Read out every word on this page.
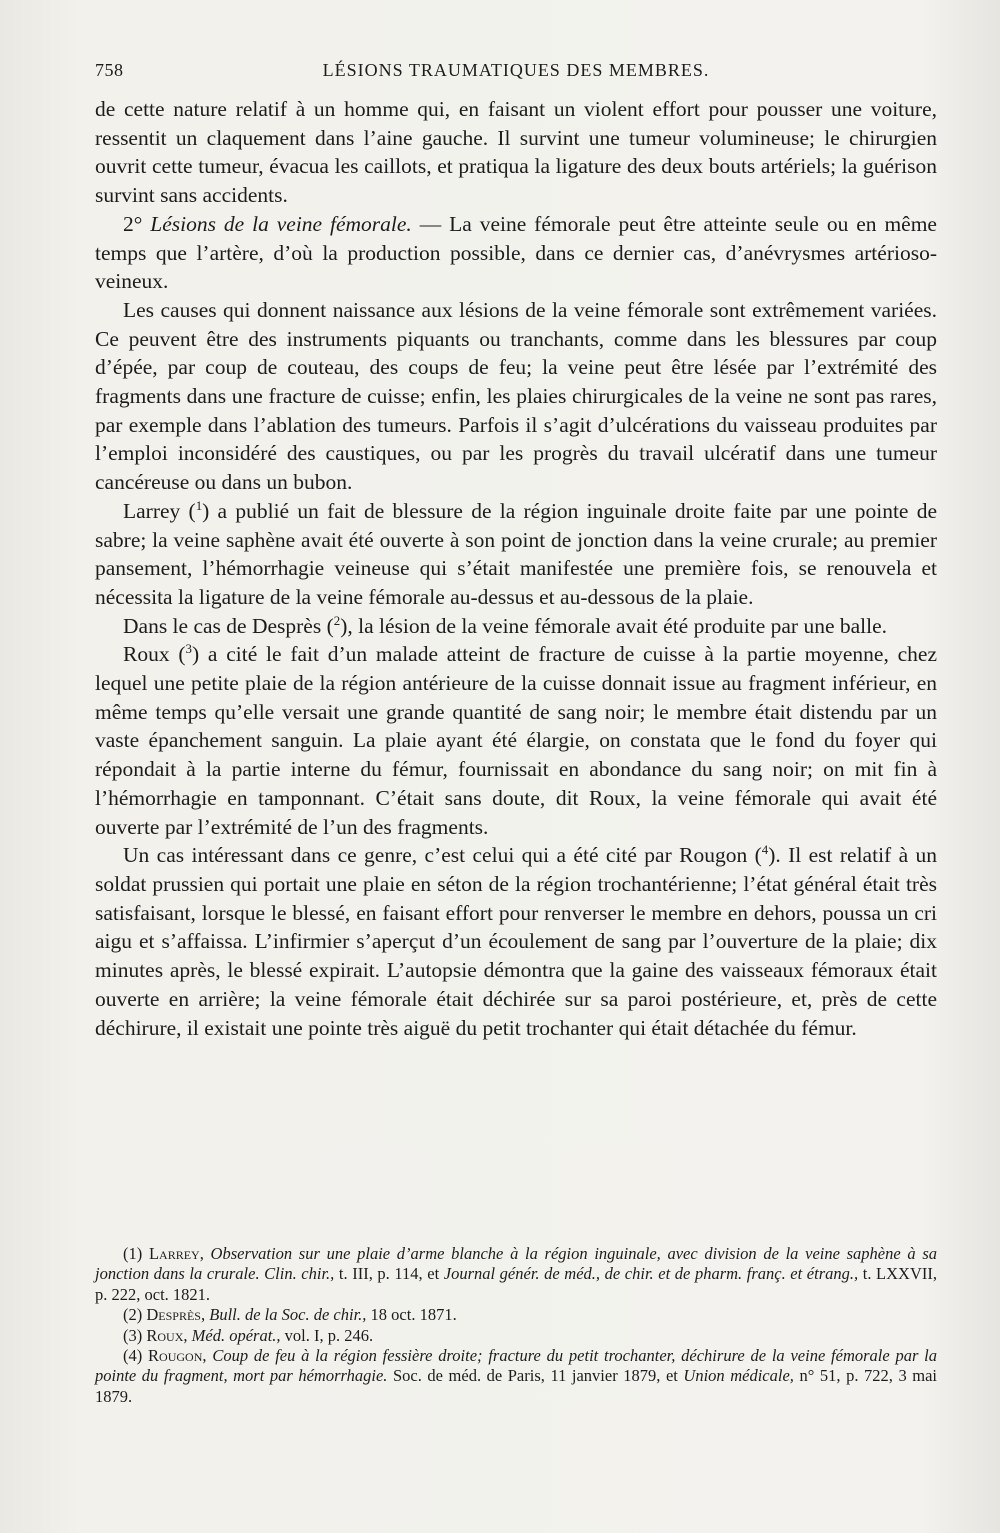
758	LÉSIONS TRAUMATIQUES DES MEMBRES.

de cette nature relatif à un homme qui, en faisant un violent effort pour pousser une voiture, ressentit un claquement dans l’aine gauche. Il survint une tumeur volumineuse; le chirurgien ouvrit cette tumeur, évacua les caillots, et pratiqua la ligature des deux bouts artériels; la guérison survint sans accidents.

2° Lésions de la veine fémorale. — La veine fémorale peut être atteinte seule ou en même temps que l’artère, d’où la production possible, dans ce dernier cas, d’anévrysmes artérioso-veineux.

Les causes qui donnent naissance aux lésions de la veine fémorale sont extrêmement variées. Ce peuvent être des instruments piquants ou tranchants, comme dans les blessures par coup d’épée, par coup de couteau, des coups de feu; la veine peut être lésée par l’extrémité des fragments dans une fracture de cuisse; enfin, les plaies chirurgicales de la veine ne sont pas rares, par exemple dans l’ablation des tumeurs. Parfois il s’agit d’ulcérations du vaisseau produites par l’emploi inconsidéré des caustiques, ou par les progrès du travail ulcératif dans une tumeur cancéreuse ou dans un bubon.

Larrey ($^1$) a publié un fait de blessure de la région inguinale droite faite par une pointe de sabre; la veine saphène avait été ouverte à son point de jonction dans la veine crurale; au premier pansement, l’hémorrhagie veineuse qui s’était manifestée une première fois, se renouvela et nécessita la ligature de la veine fémorale au-dessus et au-dessous de la plaie.

Dans le cas de Desprès ($^2$), la lésion de la veine fémorale avait été produite par une balle.

Roux ($^3$) a cité le fait d’un malade atteint de fracture de cuisse à la partie moyenne, chez lequel une petite plaie de la région antérieure de la cuisse donnait issue au fragment inférieur, en même temps qu’elle versait une grande quantité de sang noir; le membre était distendu par un vaste épanchement sanguin. La plaie ayant été élargie, on constata que le fond du foyer qui répondait à la partie interne du fémur, fournissait en abondance du sang noir; on mit fin à l’hémorrhagie en tamponnant. C’était sans doute, dit Roux, la veine fémorale qui avait été ouverte par l’extrémité de l’un des fragments.

Un cas intéressant dans ce genre, c’est celui qui a été cité par Rougon ($^4$). Il est relatif à un soldat prussien qui portait une plaie en séton de la région trochantérienne; l’état général était très satisfaisant, lorsque le blessé, en faisant effort pour renverser le membre en dehors, poussa un cri aigu et s’affaissa. L’infirmier s’aperçut d’un écoulement de sang par l’ouverture de la plaie; dix minutes après, le blessé expirait. L’autopsie démontra que la gaine des vaisseaux fémoraux était ouverte en arrière; la veine fémorale était déchirée sur sa paroi postérieure, et, près de cette déchirure, il existait une pointe très aiguë du petit trochanter qui était détachée du fémur.

(1) Larrey, Observation sur une plaie d’arme blanche à la région inguinale, avec division de la veine saphène à sa jonction dans la crurale. Clin. chir., t. III, p. 114, et Journal génér. de méd., de chir. et de pharm. franç. et étrang., t. LXXVII, p. 222, oct. 1821.

(2) Desprès, Bull. de la Soc. de chir., 18 oct. 1871.

(3) Roux, Méd. opérat., vol. I, p. 246.

(4) Rougon, Coup de feu à la région fessière droite; fracture du petit trochanter, déchirure de la veine fémorale par la pointe du fragment, mort par hémorrhagie. Soc. de méd. de Paris, 11 janvier 1879, et Union médicale, n° 51, p. 722, 3 mai 1879.
